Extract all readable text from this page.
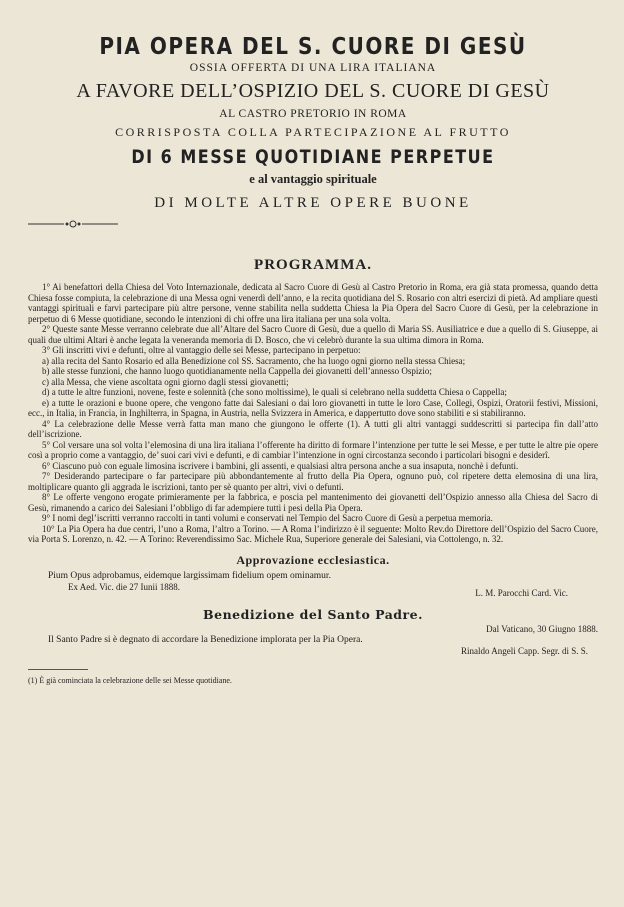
PIA OPERA DEL S. CUORE DI GESÙ
OSSIA OFFERTA DI UNA LIRA ITALIANA
A FAVORE DELL’OSPIZIO DEL S. CUORE DI GESÙ
AL CASTRO PRETORIO IN ROMA
CORRISPOSTA COLLA PARTECIPAZIONE AL FRUTTO
DI 6 MESSE QUOTIDIANE PERPETUE
e al vantaggio spirituale
DI MOLTE ALTRE OPERE BUONE
PROGRAMMA.

1° Ai benefattori della Chiesa del Voto Internazionale, dedicata al Sacro Cuore di Gesù al Castro Pretorio in Roma, era già stata promessa, quando detta Chiesa fosse compiuta, la celebrazione di una Messa ogni venerdì dell’anno, e la recita quotidiana del S. Rosario con altri esercizi di pietà. Ad ampliare questi vantaggi spirituali e farvi partecipare più altre persone, venne stabilita nella suddetta Chiesa la Pia Opera del Sacro Cuore di Gesù, per la celebrazione in perpetuo di 6 Messe quotidiane, secondo le intenzioni di chi offre una lira italiana per una sola volta.

2° Queste sante Messe verranno celebrate due all’Altare del Sacro Cuore di Gesù, due a quello di Maria SS. Ausiliatrice e due a quello di S. Giuseppe, ai quali due ultimi Altari è anche legata la veneranda memoria di D. Bosco, che vi celebrò durante la sua ultima dimora in Roma.

3° Gli inscritti vivi e defunti, oltre al vantaggio delle sei Messe, partecipano in perpetuo:

a) alla recita del Santo Rosario ed alla Benedizione col SS. Sacramento, che ha luogo ogni giorno nella stessa Chiesa;

b) alle stesse funzioni, che hanno luogo quotidianamente nella Cappella dei giovanetti dell’annesso Ospizio;

c) alla Messa, che viene ascoltata ogni giorno dagli stessi giovanetti;

d) a tutte le altre funzioni, novene, feste e solennità (che sono moltissime), le quali si celebrano nella suddetta Chiesa o Cappella;

e) a tutte le orazioni e buone opere, che vengono fatte dai Salesiani o dai loro giovanetti in tutte le loro Case, Collegi, Ospizi, Oratorii festivi, Missioni, ecc., in Italia, in Francia, in Inghilterra, in Spagna, in Austria, nella Svizzera in America, e dappertutto dove sono stabiliti e si stabiliranno.

4° La celebrazione delle Messe verrà fatta man mano che giungono le offerte (1). A tutti gli altri vantaggi suddescritti si partecipa fin dall’atto dell’iscrizione.

5° Col versare una sol volta l’elemosina di una lira italiana l’offerente ha diritto di formare l’intenzione per tutte le sei Messe, e per tutte le altre pie opere così a proprio come a vantaggio, de’ suoi cari vivi e defunti, e di cambiar l’intenzione in ogni circostanza secondo i particolari bisogni e desiderî.

6° Ciascuno può con eguale limosina iscrivere i bambini, gli assenti, e qualsiasi altra persona anche a sua insaputa, nonchè i defunti.

7° Desiderando partecipare o far partecipare più abbondantemente al frutto della Pia Opera, ognuno può, col ripetere detta elemosina di una lira, moltiplicare quanto gli aggrada le iscrizioni, tanto per sè quanto per altri, vivi o defunti.

8° Le offerte vengono erogate primieramente per la fabbrica, e poscia pel mantenimento dei giovanetti dell’Ospizio annesso alla Chiesa del Sacro di Gesù, rimanendo a carico dei Salesiani l’obbligo di far adempiere tutti i pesi della Pia Opera.

9° I nomi degl’iscritti verranno raccolti in tanti volumi e conservati nel Tempio del Sacro Cuore di Gesù a perpetua memoria.

10° La Pia Opera ha due centri, l’uno a Roma, l’altro a Torino. — A Roma l’indirizzo è il seguente: Molto Rev.do Direttore dell’Ospizio del Sacro Cuore, via Porta S. Lorenzo, n. 42. — A Torino: Reverendissimo Sac. Michele Rua, Superiore generale dei Salesiani, via Cottolengo, n. 32.

Approvazione ecclesiastica.
Pium Opus adprobamus, eidemque largissimam fidelium opem ominamur.
Ex Aed. Vic. die 27 Iunii 1888.
L. M. Parocchi Card. Vic.
Benedizione del Santo Padre.
Dal Vaticano, 30 Giugno 1888.
Il Santo Padre si è degnato di accordare la Benedizione implorata per la Pia Opera.
Rinaldo Angeli Capp. Segr. di S. S.
(1) È già cominciata la celebrazione delle sei Messe quotidiane.
